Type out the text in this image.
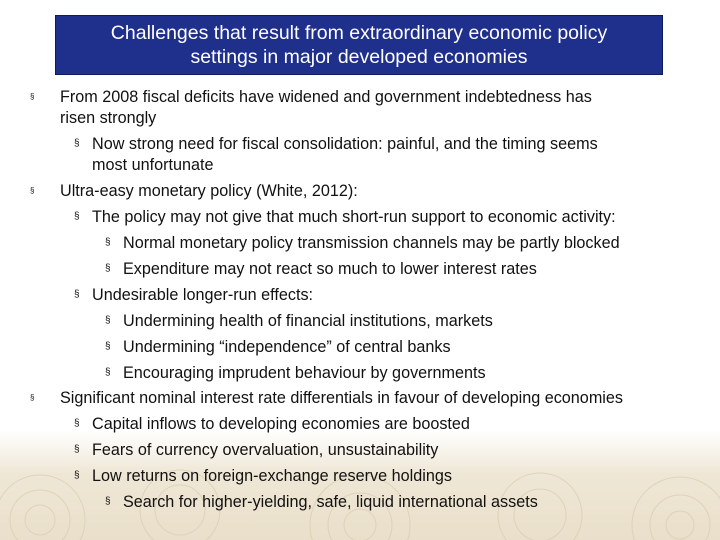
Challenges that result from extraordinary economic policy
settings in major developed economies

§ From 2008 fiscal deficits have widened and government indebtedness has

risen strongly

§ Now strong need for fiscal consolidation: painful, and the timing seems

most unfortunate

§ Ultra-easy monetary policy (White, 2012):

§ The policy may not give that much short-run support to economic activity:

§ Normal monetary policy transmission channels may be partly blocked

§ Expenditure may not react so much to lower interest rates

§ Undesirable longer-run effects:

§ Undermining health of financial institutions, markets

§ Undermining “independence” of central banks

§ Encouraging imprudent behaviour by governments

§ Significant nominal interest rate differentials in favour of developing economies

§ Capital inflows to developing economies are boosted

§ Fears of currency overvaluation, unsustainability

§ Low returns on foreign-exchange reserve holdings

§ Search for higher-yielding, safe, liquid international assets
